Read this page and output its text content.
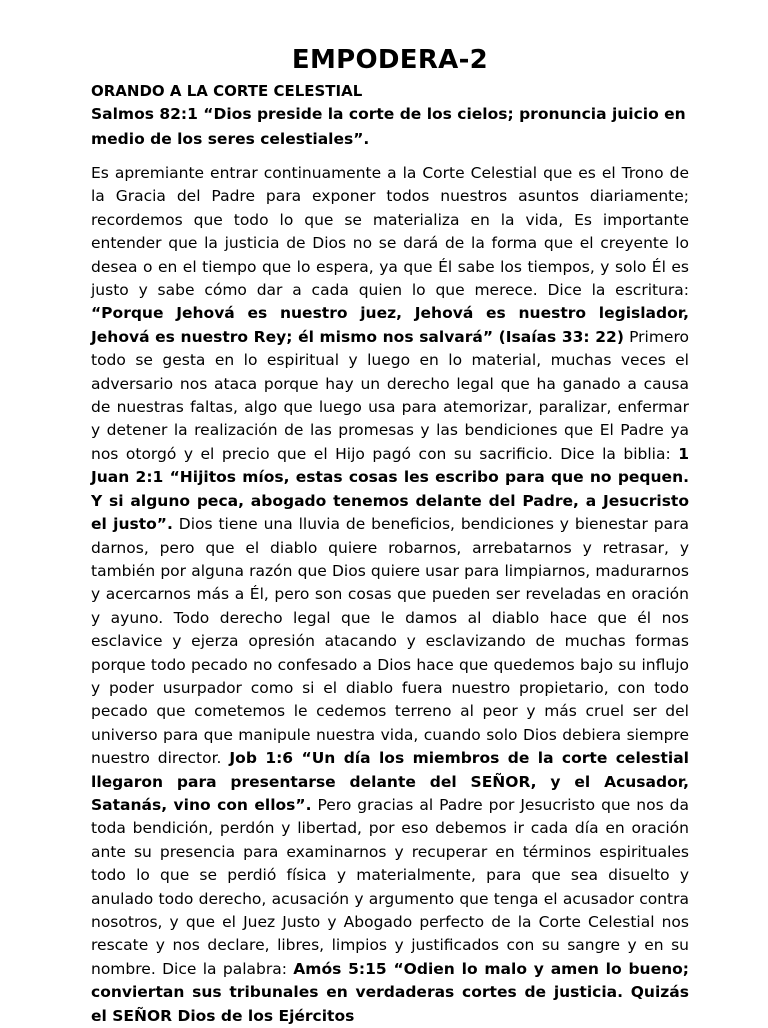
EMPODERA-2

ORANDO A LA CORTE CELESTIAL

Salmos 82:1 “Dios preside la corte de los cielos; pronuncia juicio en medio de los seres celestiales”.

Es apremiante entrar continuamente a la Corte Celestial que es el Trono de la Gracia del Padre para exponer todos nuestros asuntos diariamente; recordemos que todo lo que se materializa en la vida, Es importante entender que la justicia de Dios no se dará de la forma que el creyente lo desea o en el tiempo que lo espera, ya que Él sabe los tiempos, y solo Él es justo y sabe cómo dar a cada quien lo que merece. Dice la escritura: “Porque Jehová es nuestro juez, Jehová es nuestro legislador, Jehová es nuestro Rey; él mismo nos salvará” (Isaías 33: 22) Primero todo se gesta en lo espiritual y luego en lo material, muchas veces el adversario nos ataca porque hay un derecho legal que ha ganado a causa de nuestras faltas, algo que luego usa para atemorizar, paralizar, enfermar y detener la realización de las promesas y las bendiciones que El Padre ya nos otorgó y el precio que el Hijo pagó con su sacrificio. Dice la biblia: 1 Juan 2:1 “Hijitos míos, estas cosas les escribo para que no pequen. Y si alguno peca, abogado tenemos delante del Padre, a Jesucristo el justo”. Dios tiene una lluvia de beneficios, bendiciones y bienestar para darnos, pero que el diablo quiere robarnos, arrebatarnos y retrasar, y también por alguna razón que Dios quiere usar para limpiarnos, madurarnos y acercarnos más a Él, pero son cosas que pueden ser reveladas en oración y ayuno. Todo derecho legal que le damos al diablo hace que él nos esclavice y ejerza opresión atacando y esclavizando de muchas formas porque todo pecado no confesado a Dios hace que quedemos bajo su influjo y poder usurpador como si el diablo fuera nuestro propietario, con todo pecado que cometemos le cedemos terreno al peor y más cruel ser del universo para que manipule nuestra vida, cuando solo Dios debiera siempre nuestro director. Job 1:6 “Un día los miembros de la corte celestial llegaron para presentarse delante del SEÑOR, y el Acusador, Satanás, vino con ellos”. Pero gracias al Padre por Jesucristo que nos da toda bendición, perdón y libertad, por eso debemos ir cada día en oración ante su presencia para examinarnos y recuperar en términos espirituales todo lo que se perdió física y materialmente, para que sea disuelto y anulado todo derecho, acusación y argumento que tenga el acusador contra nosotros, y que el Juez Justo y Abogado perfecto de la Corte Celestial nos rescate y nos declare, libres, limpios y justificados con su sangre y en su nombre. Dice la palabra: Amós 5:15 “Odien lo malo y amen lo bueno; conviertan sus tribunales en verdaderas cortes de justicia. Quizás el SEÑOR Dios de los Ejércitos
